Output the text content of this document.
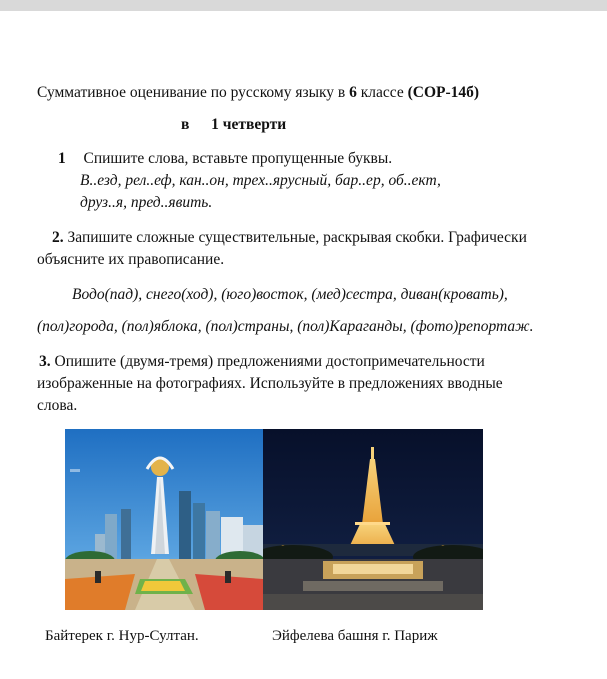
Суммативное оценивание по русскому языку в 6 классе (СОР-14б)
в 1 четверти
1 Спишите слова, вставьте пропущенные буквы.
В..езд, рел..еф, кан..он, трех..ярусный, бар..ер, об..ект,
друз..я, пред..явить.
2. Запишите сложные существительные, раскрывая скобки. Графически
объясните их правописание.
Водо(пад), снего(ход), (юго)восток, (мед)сестра, диван(кровать),
(пол)города, (пол)яблока, (пол)страны, (пол)Караганды, (фото)репортаж.
3. Опишите (двумя-тремя) предложениями достопримечательности
изображенные на фотографиях. Используйте в предложениях вводные
слова.
Байтерек г. Нур-Султан.	Эйфелева башня г. Париж
